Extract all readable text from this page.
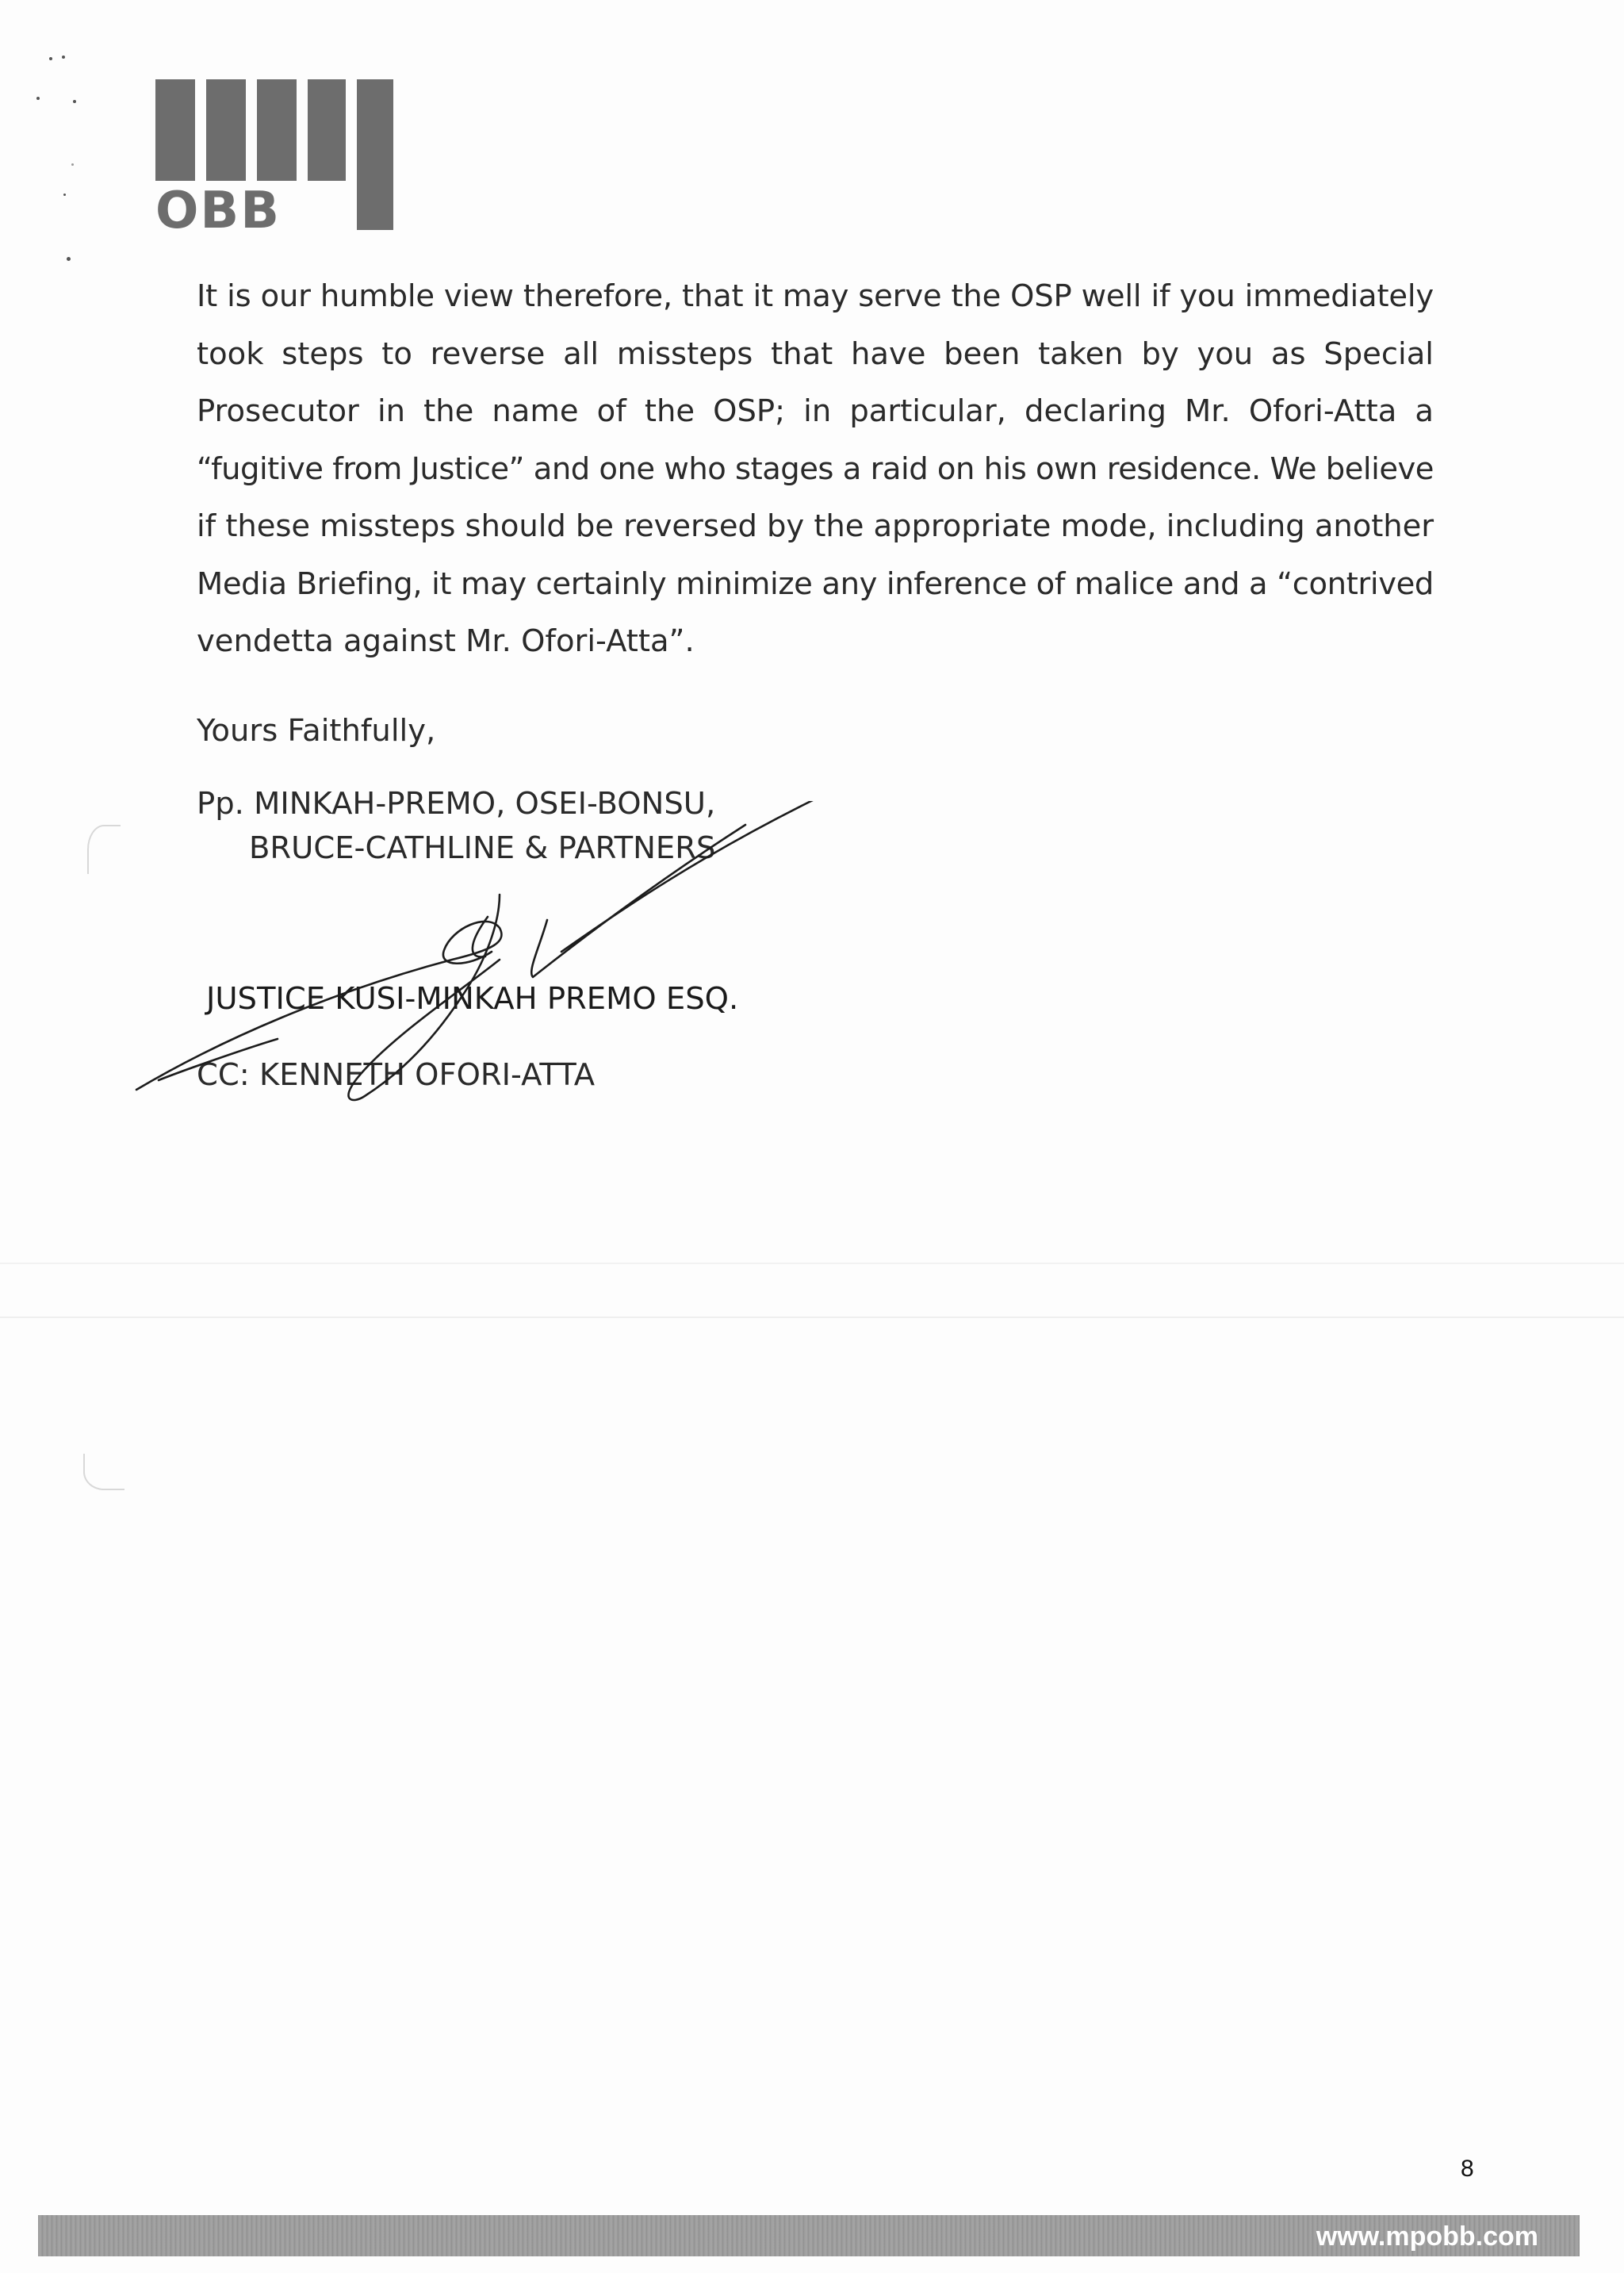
OBB
It is our humble view therefore, that it may serve the OSP well if you immediately
took steps to reverse all missteps that have been taken by you as Special
Prosecutor in the name of the OSP; in particular, declaring Mr. Ofori-Atta a
“fugitive from Justice” and one who stages a raid on his own residence. We believe
if these missteps should be reversed by the appropriate mode, including another
Media Briefing, it may certainly minimize any inference of malice and a “contrived
vendetta against Mr. Ofori-Atta”.
Yours Faithfully,
Pp. MINKAH-PREMO, OSEI-BONSU,
BRUCE-CATHLINE & PARTNERS
JUSTICE KUSI-MINKAH PREMO ESQ.
CC: KENNETH OFORI-ATTA
8
www.mpobb.com
